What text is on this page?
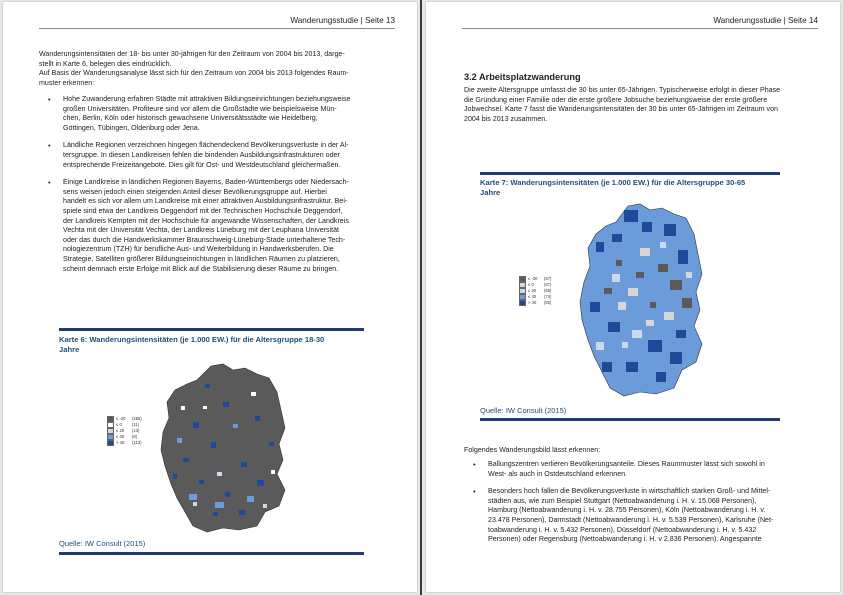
Wanderungsstudie | Seite 13

Wanderungsintensitäten der 18- bis unter 30-jährigen für den Zeitraum von 2004 bis 2013, darge-

stellt in Karte 6, belegen dies eindrücklich.

Auf Basis der Wanderungsanalyse lässt sich für den Zeitraum von 2004 bis 2013 folgendes Raum-

muster erkennen:

• Hohe Zuwanderung erfahren Städte mit attraktiven Bildungseinrichtungen beziehungsweise
großen Universitäten. Profiteure sind vor allem die Großstädte wie beispielsweise Mün-
chen, Berlin, Köln oder historisch gewachsene Universitätsstädte wie Heidelberg,
Göttingen, Tübingen, Oldenburg oder Jena.
• Ländliche Regionen verzeichnen hingegen flächendeckend Bevölkerungsverluste in der Al-
tersgruppe. In diesen Landkreisen fehlen die bindenden Ausbildungsinfrastrukturen oder
entsprechende Freizeitangebote. Dies gilt für Ost- und Westdeutschland gleichermaßen.
• Einige Landkreise in ländlichen Regionen Bayerns, Baden-Württembergs oder Niedersach-
sens weisen jedoch einen steigenden Anteil dieser Bevölkerungsgruppe auf. Hierbei
handelt es sich vor allem um Landkreise mit einer attraktiven Ausbildungsinfrastruktur. Bei-
spiele sind etwa der Landkreis Deggendorf mit der Technischen Hochschule Deggendorf,
der Landkreis Kempten mit der Hochschule für angewandte Wissenschaften, der Landkreis
Vechta mit der Universität Vechta, der Landkreis Lüneburg mit der Leuphana Universität
oder das durch die Handwerkskammer Braunschweig-Lüneburg-Stade unterhaltene Tech-
nologiezentrum (TZH) für berufliche Aus- und Weiterbildung in Handwerksberufen. Die
Strategie, Satelliten größerer Bildungseinrichtungen in ländlichen Räumen zu platzieren,
scheint demnach erste Erfolge mit Blick auf die Stabilisierung dieser Räume zu bringen.
Karte 6: Wanderungsintensitäten (je 1.000 EW.) für die Altersgruppe 18-30
Jahre
≤ -20	(265)
≤ 0	(11)
≤ 20	(13)
≤ 40	(8)
> 40	(113)
Quelle: IW Consult (2015)
Wanderungsstudie | Seite 14
3.2 Arbeitsplatzwanderung

Die zweite Altersgruppe umfasst die 30 bis unter 65-Jährigen. Typischerweise erfolgt in dieser Phase

die Gründung einer Familie oder die erste größere Jobsuche beziehungsweise der erste größere

Jobwechsel. Karte 7 fasst die Wanderungsintensitäten der 30 bis unter 65-Jährigen im Zeitraum von

2004 bis 2013 zusammen.

Karte 7: Wanderungsintensitäten (je 1.000 EW.) für die Altersgruppe 30-65
Jahre
≤ -20	(87)
≤ 0	(67)
≤ 20	(66)
≤ 40	(74)
> 40	(82)
Quelle: IW Consult (2015)
Folgendes Wanderungsbild lässt erkennen:
• Ballungszentren verlieren Bevölkerungsanteile. Dieses Raummuster lässt sich sowohl in
West- als auch in Ostdeutschland erkennen.
• Besonders hoch fallen die Bevölkerungsverluste in wirtschaftlich starken Groß- und Mittel-
städten aus, wie zum Beispiel Stuttgart (Nettoabwanderung i. H. v. 15.068 Personen),
Hamburg (Nettoabwanderung i. H. v. 28.755 Personen), Köln (Nettoabwanderung i. H. v.
23.478 Personen), Darmstadt (Nettoabwanderung i. H. v. 5.539 Personen), Karlsruhe (Net-
toabwanderung i. H. v. 5.432 Personen), Düsseldorf (Nettoabwanderung i. H. v. 5.432
Personen) oder Regensburg (Nettoabwanderung i. H. v 2.836 Personen). Angespannte
